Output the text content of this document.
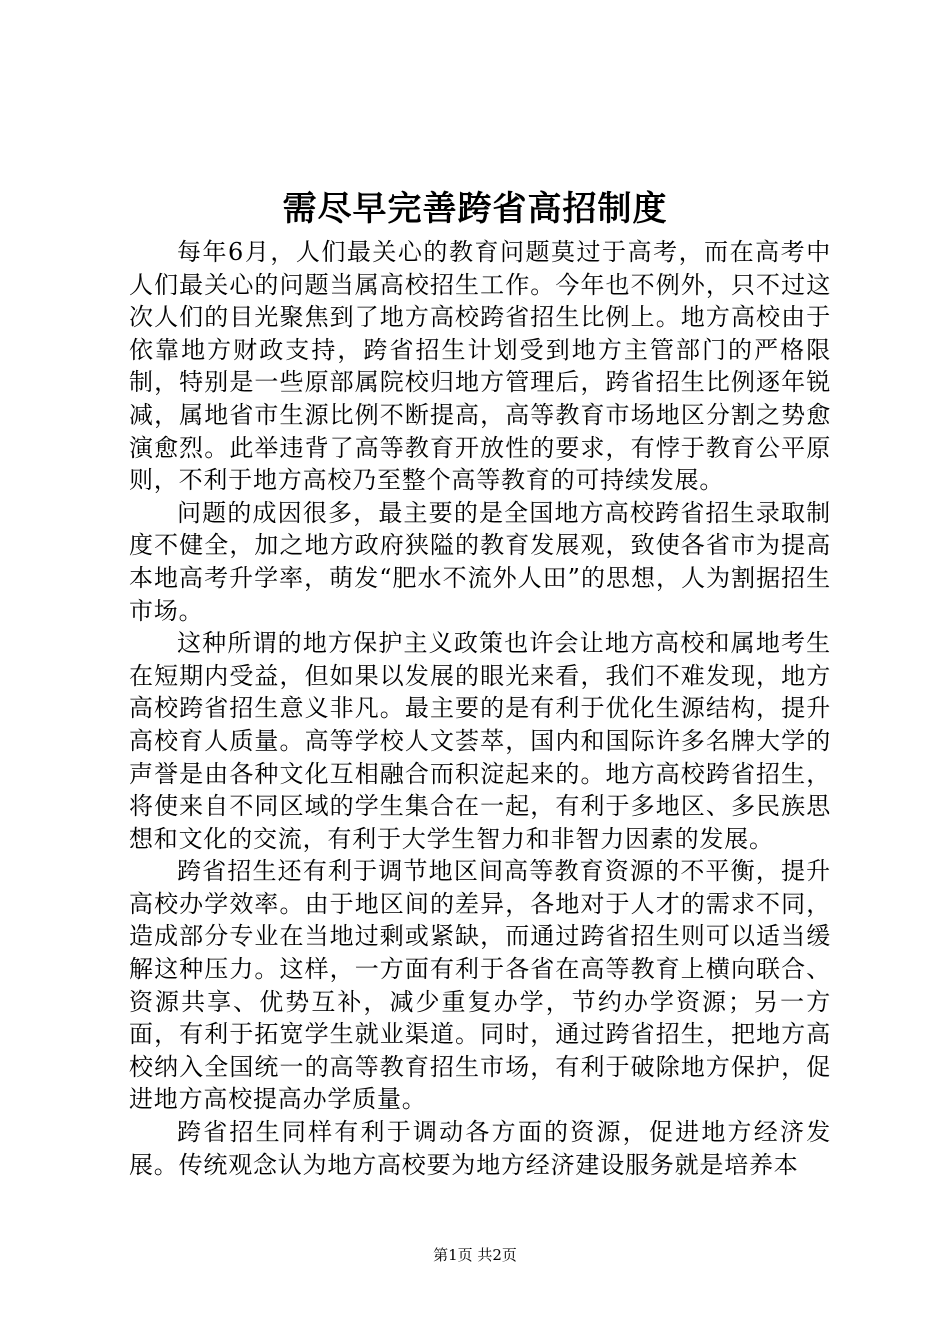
需尽早完善跨省高招制度

每年6月，人们最关心的教育问题莫过于高考，而在高考中人们最关心的问题当属高校招生工作。今年也不例外，只不过这次人们的目光聚焦到了地方高校跨省招生比例上。地方高校由于依靠地方财政支持，跨省招生计划受到地方主管部门的严格限制，特别是一些原部属院校归地方管理后，跨省招生比例逐年锐减，属地省市生源比例不断提高，高等教育市场地区分割之势愈演愈烈。此举违背了高等教育开放性的要求，有悖于教育公平原则，不利于地方高校乃至整个高等教育的可持续发展。

问题的成因很多，最主要的是全国地方高校跨省招生录取制度不健全，加之地方政府狭隘的教育发展观，致使各省市为提高本地高考升学率，萌发“肥水不流外人田”的思想，人为割据招生市场。

这种所谓的地方保护主义政策也许会让地方高校和属地考生在短期内受益，但如果以发展的眼光来看，我们不难发现，地方高校跨省招生意义非凡。最主要的是有利于优化生源结构，提升高校育人质量。高等学校人文荟萃，国内和国际许多名牌大学的声誉是由各种文化互相融合而积淀起来的。地方高校跨省招生，将使来自不同区域的学生集合在一起，有利于多地区、多民族思想和文化的交流，有利于大学生智力和非智力因素的发展。

跨省招生还有利于调节地区间高等教育资源的不平衡，提升高校办学效率。由于地区间的差异，各地对于人才的需求不同，造成部分专业在当地过剩或紧缺，而通过跨省招生则可以适当缓解这种压力。这样，一方面有利于各省在高等教育上横向联合、资源共享、优势互补，减少重复办学，节约办学资源；另一方面，有利于拓宽学生就业渠道。同时，通过跨省招生，把地方高校纳入全国统一的高等教育招生市场，有利于破除地方保护，促进地方高校提高办学质量。

跨省招生同样有利于调动各方面的资源，促进地方经济发展。传统观念认为地方高校要为地方经济建设服务就是培养本

第1页 共2页
